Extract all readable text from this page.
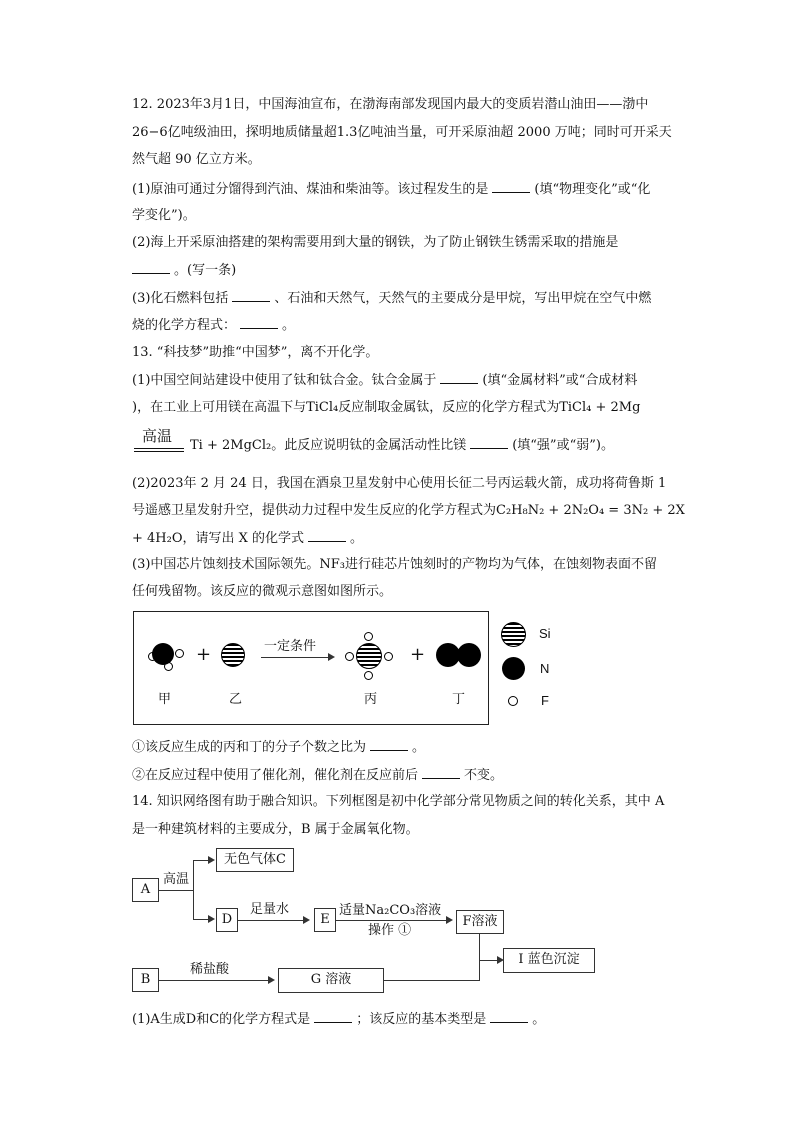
12. 2023年3月1日，中国海油宣布，在渤海南部发现国内最大的变质岩潜山油田——渤中
26−6亿吨级油田，探明地质储量超1.3亿吨油当量，可开采原油超 2000 万吨；同时可开采天
然气超 90 亿立方米。
(1)原油可通过分馏得到汽油、煤油和柴油等。该过程发生的是	(填“物理变化”或“化
学变化”)。
(2)海上开采原油搭建的架构需要用到大量的钢铁，为了防止钢铁生锈需采取的措施是
。(写一条)
(3)化石燃料包括	、石油和天然气，天然气的主要成分是甲烷，写出甲烷在空气中燃
烧的化学方程式：	。
13. “科技梦”助推“中国梦”，离不开化学。
(1)中国空间站建设中使用了钛和钛合金。钛合金属于	(填“金属材料”或“合成材料
)，在工业上可用镁在高温下与TiCl₄反应制取金属钛，反应的化学方程式为TiCl₄ + 2Mg
高温
Ti + 2MgCl₂。此反应说明钛的金属活动性比镁	(填“强”或“弱”)。
(2)2023年 2 月 24 日，我国在酒泉卫星发射中心使用长征二号丙运载火箭，成功将荷鲁斯 1
号遥感卫星发射升空，提供动力过程中发生反应的化学方程式为C₂H₈N₂ + 2N₂O₄ = 3N₂ + 2X
+ 4H₂O，请写出 X 的化学式	。
(3)中国芯片蚀刻技术国际领先。NF₃进行硅芯片蚀刻时的产物均为气体，在蚀刻物表面不留
任何残留物。该反应的微观示意图如图所示。
+	一定条件	+
甲	乙	丙	丁
Si
N
F
①该反应生成的丙和丁的分子个数之比为	。
②在反应过程中使用了催化剂，催化剂在反应前后	不变。
14. 知识网络图有助于融合知识。下列框图是初中化学部分常见物质之间的转化关系，其中 A
是一种建筑材料的主要成分，B 属于金属氧化物。
A
高温
无色气体C
D
足量水
E
适量Na₂CO₃溶液
操作 ①
F溶液
I 蓝色沉淀
B
稀盐酸
G 溶液
(1)A生成D和C的化学方程式是	；该反应的基本类型是	。
